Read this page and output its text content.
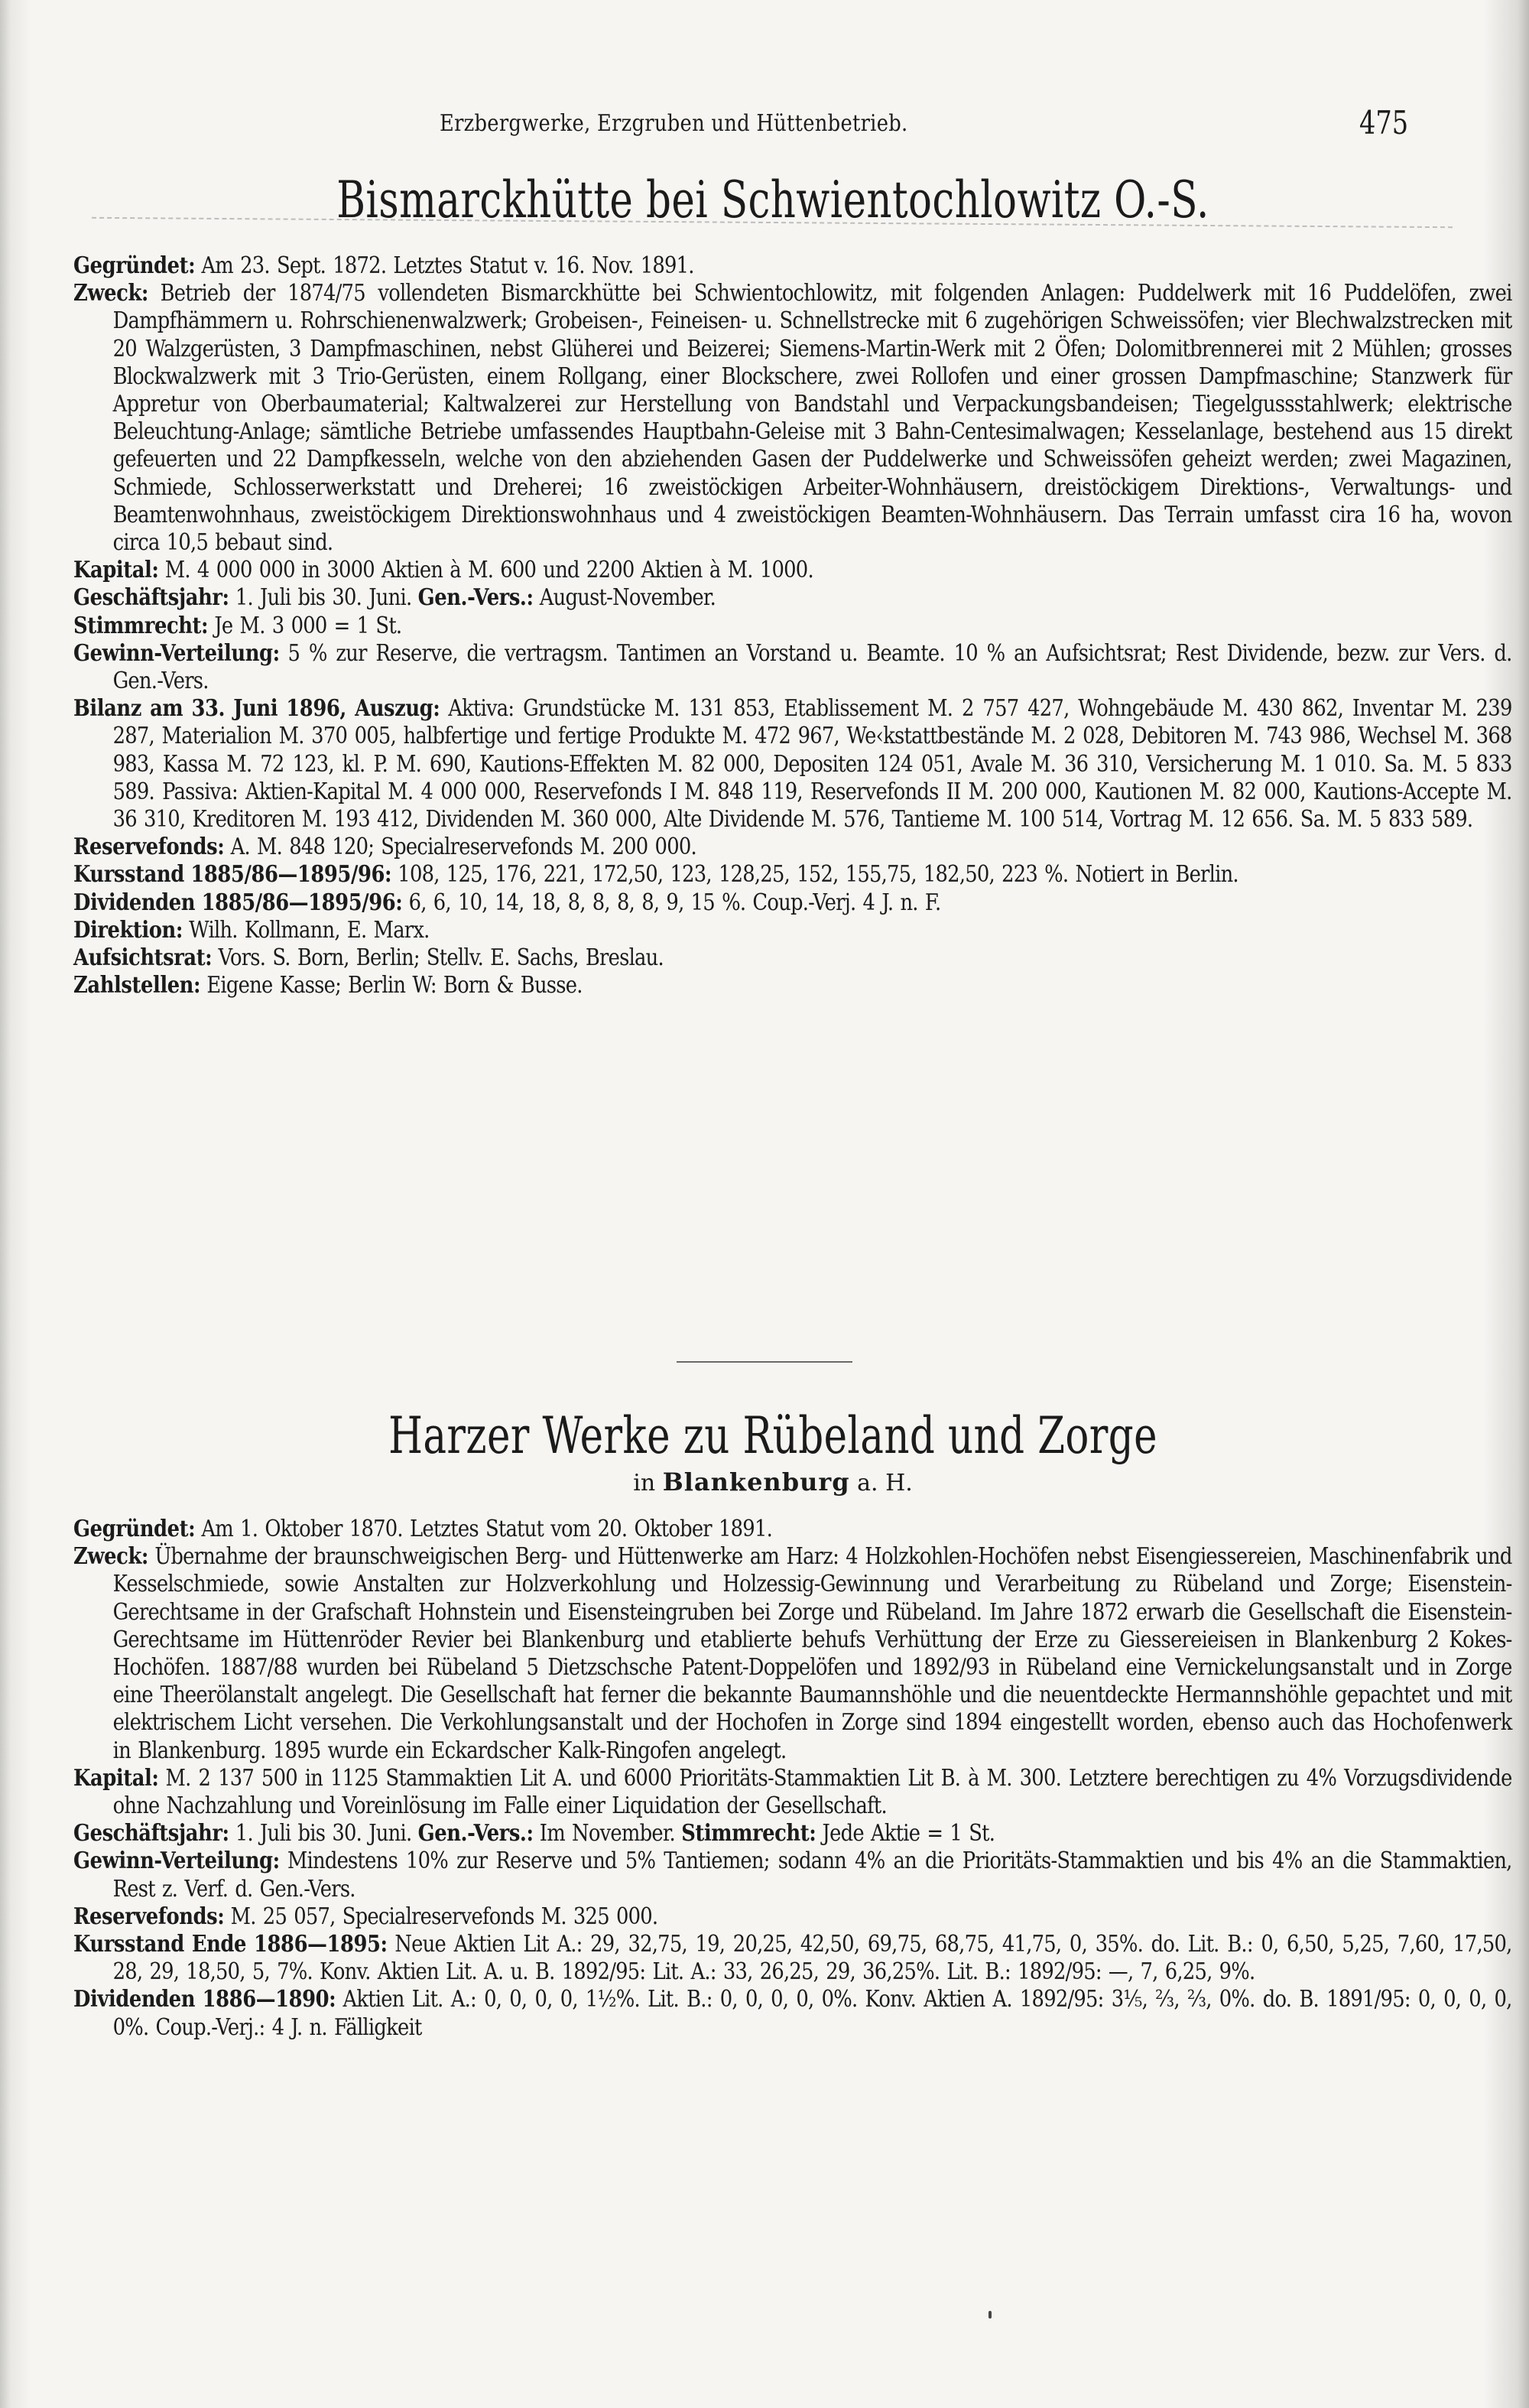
Erzbergwerke, Erzgruben und Hüttenbetrieb.	475
Bismarckhütte bei Schwientochlowitz O.-S.
Gegründet: Am 23. Sept. 1872. Letztes Statut v. 16. Nov. 1891.
Zweck: Betrieb der 1874/75 vollendeten Bismarckhütte bei Schwientochlowitz, mit folgenden Anlagen: Puddelwerk mit 16 Puddelöfen, zwei Dampfhämmern u. Rohrschienenwalzwerk; Grobeisen-, Feineisen- u. Schnellstrecke mit 6 zugehörigen Schweissöfen; vier Blechwalzstrecken mit 20 Walzgerüsten, 3 Dampfmaschinen, nebst Glüherei und Beizerei; Siemens-Martin-Werk mit 2 Öfen; Dolomitbrennerei mit 2 Mühlen; grosses Blockwalzwerk mit 3 Trio-Gerüsten, einem Rollgang, einer Blockschere, zwei Rollofen und einer grossen Dampfmaschine; Stanzwerk für Appretur von Oberbaumaterial; Kaltwalzerei zur Herstellung von Bandstahl und Verpackungsbandeisen; Tiegelgussstahlwerk; elektrische Beleuchtung-Anlage; sämtliche Betriebe umfassendes Hauptbahn-Geleise mit 3 Bahn-Centesimalwagen; Kesselanlage, bestehend aus 15 direkt gefeuerten und 22 Dampfkesseln, welche von den abziehenden Gasen der Puddelwerke und Schweissöfen geheizt werden; zwei Magazinen, Schmiede, Schlosserwerkstatt und Dreherei; 16 zweistöckigen Arbeiter-Wohnhäusern, dreistöckigem Direktions-, Verwaltungs- und Beamtenwohnhaus, zweistöckigem Direktionswohnhaus und 4 zweistöckigen Beamten-Wohnhäusern. Das Terrain umfasst cira 16 ha, wovon circa 10,5 bebaut sind.
Kapital: M. 4 000 000 in 3000 Aktien à M. 600 und 2200 Aktien à M. 1000.
Geschäftsjahr: 1. Juli bis 30. Juni. Gen.-Vers.: August-November.
Stimmrecht: Je M. 3 000 = 1 St.
Gewinn-Verteilung: 5 % zur Reserve, die vertragsm. Tantimen an Vorstand u. Beamte. 10 % an Aufsichtsrat; Rest Dividende, bezw. zur Vers. d. Gen.-Vers.
Bilanz am 33. Juni 1896, Auszug: Aktiva: Grundstücke M. 131 853, Etablissement M. 2 757 427, Wohngebäude M. 430 862, Inventar M. 239 287, Materialion M. 370 005, halbfertige und fertige Produkte M. 472 967, We‹kstattbestände M. 2 028, Debitoren M. 743 986, Wechsel M. 368 983, Kassa M. 72 123, kl. P. M. 690, Kautions-Effekten M. 82 000, Depositen 124 051, Avale M. 36 310, Versicherung M. 1 010. Sa. M. 5 833 589. Passiva: Aktien-Kapital M. 4 000 000, Reservefonds I M. 848 119, Reservefonds II M. 200 000, Kautionen M. 82 000, Kautions-Accepte M. 36 310, Kreditoren M. 193 412, Dividenden M. 360 000, Alte Dividende M. 576, Tantieme M. 100 514, Vortrag M. 12 656. Sa. M. 5 833 589.
Reservefonds: A. M. 848 120; Specialreservefonds M. 200 000.
Kursstand 1885/86—1895/96: 108, 125, 176, 221, 172,50, 123, 128,25, 152, 155,75, 182,50, 223 %. Notiert in Berlin.
Dividenden 1885/86—1895/96: 6, 6, 10, 14, 18, 8, 8, 8, 8, 9, 15 %. Coup.-Verj. 4 J. n. F.
Direktion: Wilh. Kollmann, E. Marx.
Aufsichtsrat: Vors. S. Born, Berlin; Stellv. E. Sachs, Breslau.
Zahlstellen: Eigene Kasse; Berlin W: Born & Busse.
Harzer Werke zu Rübeland und Zorge
in Blankenburg a. H.
Gegründet: Am 1. Oktober 1870. Letztes Statut vom 20. Oktober 1891.
Zweck: Übernahme der braunschweigischen Berg- und Hüttenwerke am Harz: 4 Holzkohlen-Hochöfen nebst Eisengiessereien, Maschinenfabrik und Kesselschmiede, sowie Anstalten zur Holzverkohlung und Holzessig-Gewinnung und Verarbeitung zu Rübeland und Zorge; Eisenstein-Gerechtsame in der Grafschaft Hohnstein und Eisensteingruben bei Zorge und Rübeland. Im Jahre 1872 erwarb die Gesellschaft die Eisenstein-Gerechtsame im Hüttenröder Revier bei Blankenburg und etablierte behufs Verhüttung der Erze zu Giessereieisen in Blankenburg 2 Kokes-Hochöfen. 1887/88 wurden bei Rübeland 5 Dietzschsche Patent-Doppelöfen und 1892/93 in Rübeland eine Vernickelungsanstalt und in Zorge eine Theerölanstalt angelegt. Die Gesellschaft hat ferner die bekannte Baumannshöhle und die neuentdeckte Hermannshöhle gepachtet und mit elektrischem Licht versehen. Die Verkohlungsanstalt und der Hochofen in Zorge sind 1894 eingestellt worden, ebenso auch das Hochofenwerk in Blankenburg. 1895 wurde ein Eckardscher Kalk-Ringofen angelegt.
Kapital: M. 2 137 500 in 1125 Stammaktien Lit A. und 6000 Prioritäts-Stammaktien Lit B. à M. 300. Letztere berechtigen zu 4% Vorzugsdividende ohne Nachzahlung und Voreinlösung im Falle einer Liquidation der Gesellschaft.
Geschäftsjahr: 1. Juli bis 30. Juni. Gen.-Vers.: Im November. Stimmrecht: Jede Aktie = 1 St.
Gewinn-Verteilung: Mindestens 10% zur Reserve und 5% Tantiemen; sodann 4% an die Prioritäts-Stammaktien und bis 4% an die Stammaktien, Rest z. Verf. d. Gen.-Vers.
Reservefonds: M. 25 057, Specialreservefonds M. 325 000.
Kursstand Ende 1886—1895: Neue Aktien Lit A.: 29, 32,75, 19, 20,25, 42,50, 69,75, 68,75, 41,75, 0, 35%. do. Lit. B.: 0, 6,50, 5,25, 7,60, 17,50, 28, 29, 18,50, 5, 7%. Konv. Aktien Lit. A. u. B. 1892/95: Lit. A.: 33, 26,25, 29, 36,25%. Lit. B.: 1892/95: —, 7, 6,25, 9%.
Dividenden 1886—1890: Aktien Lit. A.: 0, 0, 0, 0, 1½%. Lit. B.: 0, 0, 0, 0, 0%. Konv. Aktien A. 1892/95: 3⅕, ⅔, ⅔, 0%. do. B. 1891/95: 0, 0, 0, 0, 0%. Coup.-Verj.: 4 J. n. Fälligkeit
